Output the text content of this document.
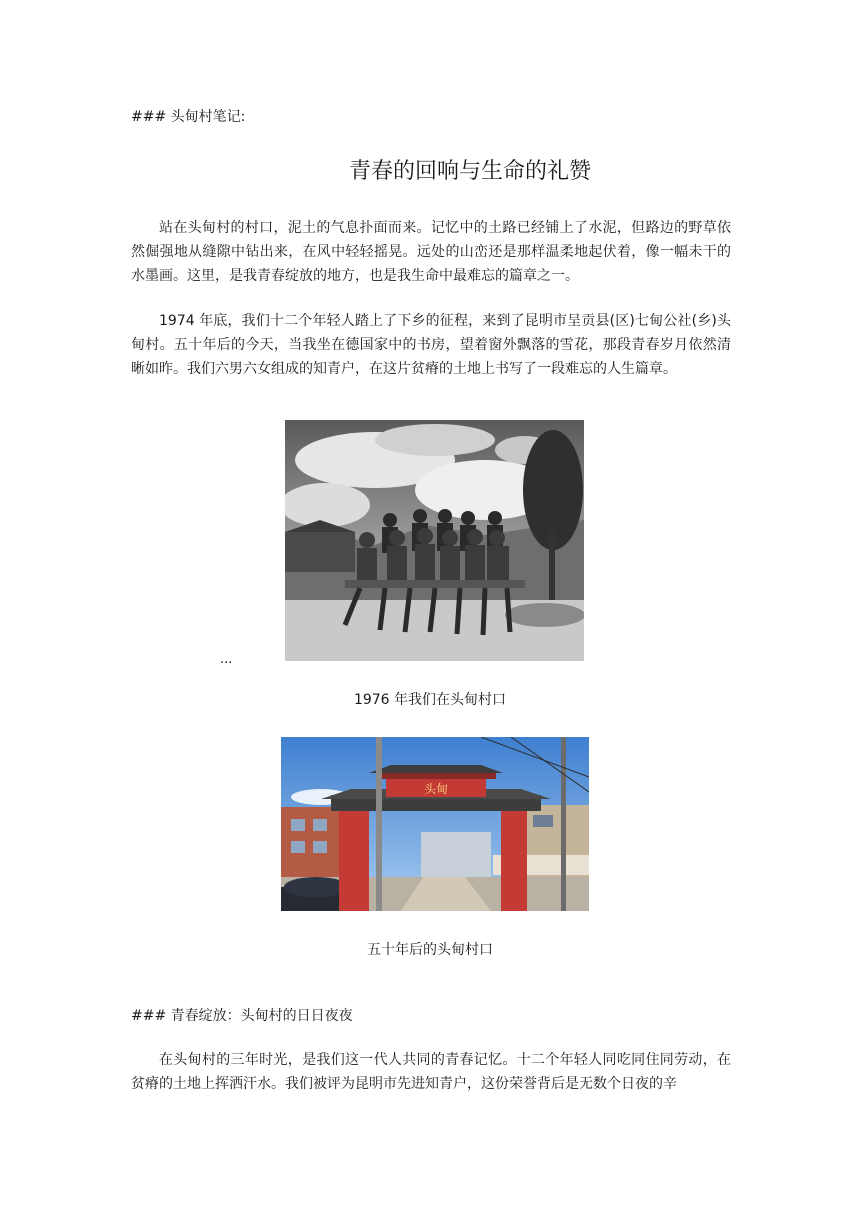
### 头甸村笔记:
青春的回响与生命的礼赞

站在头甸村的村口，泥土的气息扑面而来。记忆中的土路已经铺上了水泥，但路边的野草依然倔强地从缝隙中钻出来，在风中轻轻摇晃。远处的山峦还是那样温柔地起伏着，像一幅未干的水墨画。这里，是我青春绽放的地方，也是我生命中最难忘的篇章之一。

1974 年底，我们十二个年轻人踏上了下乡的征程，来到了昆明市呈贡县(区)七甸公社(乡)头甸村。五十年后的今天，当我坐在德国家中的书房，望着窗外飘落的雪花，那段青春岁月依然清晰如昨。我们六男六女组成的知青户，在这片贫瘠的土地上书写了一段难忘的人生篇章。

...
1976 年我们在头甸村口
头甸
五十年后的头甸村口
### 青春绽放：头甸村的日日夜夜

在头甸村的三年时光，是我们这一代人共同的青春记忆。十二个年轻人同吃同住同劳动，在贫瘠的土地上挥洒汗水。我们被评为昆明市先进知青户，这份荣誉背后是无数个日夜的辛
